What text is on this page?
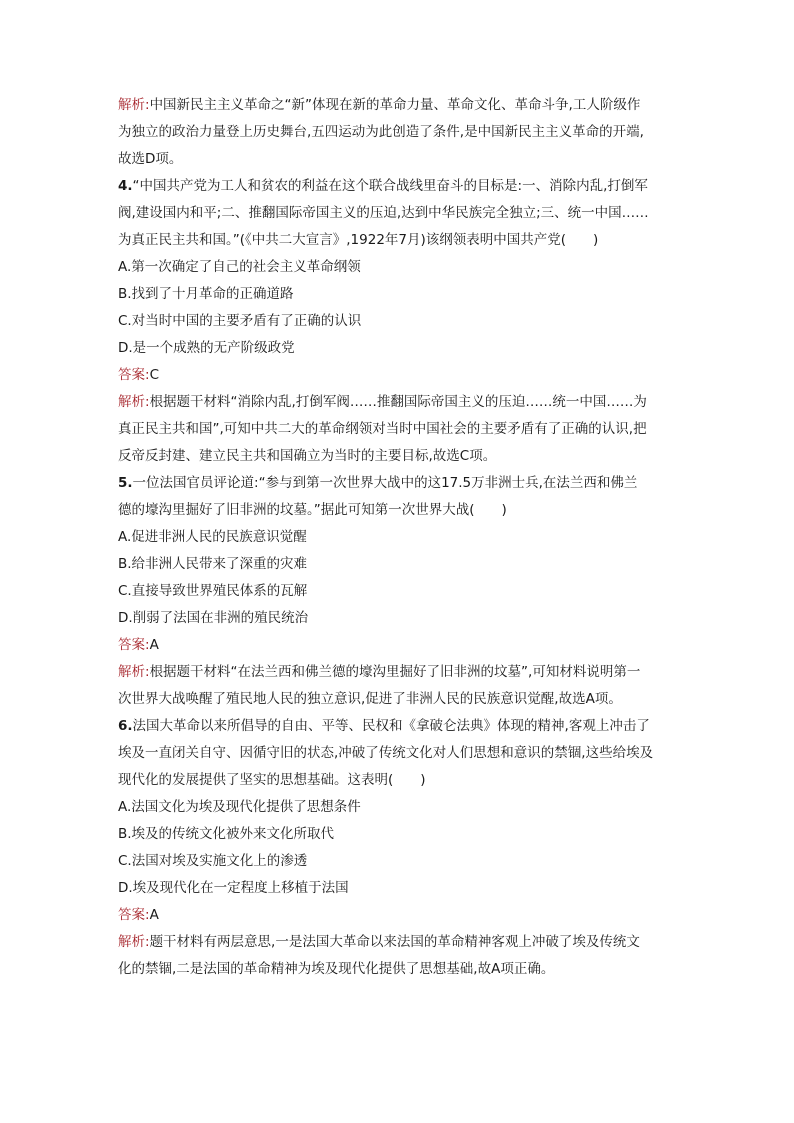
解析:中国新民主主义革命之“新”体现在新的革命力量、革命文化、革命斗争,工人阶级作
为独立的政治力量登上历史舞台,五四运动为此创造了条件,是中国新民主主义革命的开端,
故选D项。
4.“中国共产党为工人和贫农的利益在这个联合战线里奋斗的目标是:一、消除内乱,打倒军
阀,建设国内和平;二、推翻国际帝国主义的压迫,达到中华民族完全独立;三、统一中国……
为真正民主共和国。”(《中共二大宣言》,1922年7月)该纲领表明中国共产党(　　)
A.第一次确定了自己的社会主义革命纲领
B.找到了十月革命的正确道路
C.对当时中国的主要矛盾有了正确的认识
D.是一个成熟的无产阶级政党
答案:C
解析:根据题干材料“消除内乱,打倒军阀……推翻国际帝国主义的压迫……统一中国……为
真正民主共和国”,可知中共二大的革命纲领对当时中国社会的主要矛盾有了正确的认识,把
反帝反封建、建立民主共和国确立为当时的主要目标,故选C项。
5.一位法国官员评论道:“参与到第一次世界大战中的这17.5万非洲士兵,在法兰西和佛兰
德的壕沟里掘好了旧非洲的坟墓。”据此可知第一次世界大战(　　)
A.促进非洲人民的民族意识觉醒
B.给非洲人民带来了深重的灾难
C.直接导致世界殖民体系的瓦解
D.削弱了法国在非洲的殖民统治
答案:A
解析:根据题干材料“在法兰西和佛兰德的壕沟里掘好了旧非洲的坟墓”,可知材料说明第一
次世界大战唤醒了殖民地人民的独立意识,促进了非洲人民的民族意识觉醒,故选A项。
6.法国大革命以来所倡导的自由、平等、民权和《拿破仑法典》体现的精神,客观上冲击了
埃及一直闭关自守、因循守旧的状态,冲破了传统文化对人们思想和意识的禁锢,这些给埃及
现代化的发展提供了坚实的思想基础。这表明(　　)
A.法国文化为埃及现代化提供了思想条件
B.埃及的传统文化被外来文化所取代
C.法国对埃及实施文化上的渗透
D.埃及现代化在一定程度上移植于法国
答案:A
解析:题干材料有两层意思,一是法国大革命以来法国的革命精神客观上冲破了埃及传统文
化的禁锢,二是法国的革命精神为埃及现代化提供了思想基础,故A项正确。
